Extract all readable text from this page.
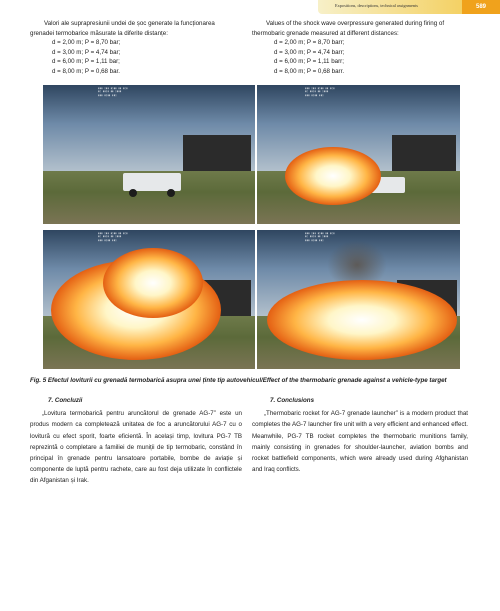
Expositions, descriptions, technical assignments	589

Valori ale suprapresiunii undei de șoc generate la funcționarea grenadei termobarice măsurate la diferite distanțe:

d = 2,00 m; P = 8,70 bar;
d = 3,00 m; P = 4,74 bar;
d = 6,00 m; P = 1,11 bar;
d = 8,00 m; P = 0,68 bar.

Values of the shock wave overpressure generated during firing of thermobaric grenade measured at different distances:

d = 2,00 m; P = 8,70 barr;
d = 3,00 m; P = 4,74 barr;
d = 6,00 m; P = 1,11 barr;
d = 8,00 m; P = 0,68 barr.
▮▮▮ ▯▮▮ ▮▯▮▮ ▮▮ ▮▯▮
▮▯ ▮▮▯▮ ▮▮ ▯▮▮▮
▮▮▮ ▮▯▮▮ ▮▮▯
▮▮▮ ▯▮▮ ▮▯▮▮ ▮▮ ▮▯▮
▮▯ ▮▮▯▮ ▮▮ ▯▮▮▮
▮▮▮ ▮▯▮▮ ▮▮▯
▮▮▮ ▯▮▮ ▮▯▮▮ ▮▮ ▮▯▮
▮▯ ▮▮▯▮ ▮▮ ▯▮▮▮
▮▮▮ ▮▯▮▮ ▮▮▯
▮▮▮ ▯▮▮ ▮▯▮▮ ▮▮ ▮▯▮
▮▯ ▮▮▯▮ ▮▮ ▯▮▮▮
▮▮▮ ▮▯▮▮ ▮▮▯
Fig. 5 Efectul loviturii cu grenadă termobarică asupra unei ținte tip autovehicul/Effect of the thermobaric grenade against a vehicle-type target
7. Concluzii

„Lovitura termobarică pentru aruncătorul de grenade AG-7” este un produs modern ca completează unitatea de foc a aruncătorului AG-7 cu o lovitură cu efect sporit, foarte eficientă. În același timp, lovitura PG-7 TB reprezintă o completare a familiei de muniții de tip termobaric, constând în principal în grenade pentru lansatoare portabile, bombe de aviație și componente de luptă pentru rachete, care au fost deja utilizate în conflictele din Afganistan și Irak.

7. Conclusions

„Thermobaric rocket for AG-7 grenade launcher” is a modern product that completes the AG-7 launcher fire unit with a very efficient and enhanced effect. Meanwhile, PG-7 TB rocket completes the thermobaric munitions family, mainly consisting in grenades for shoulder-launcher, aviation bombs and rocket battlefield components, which were already used during Afghanistan and Iraq conflicts.
